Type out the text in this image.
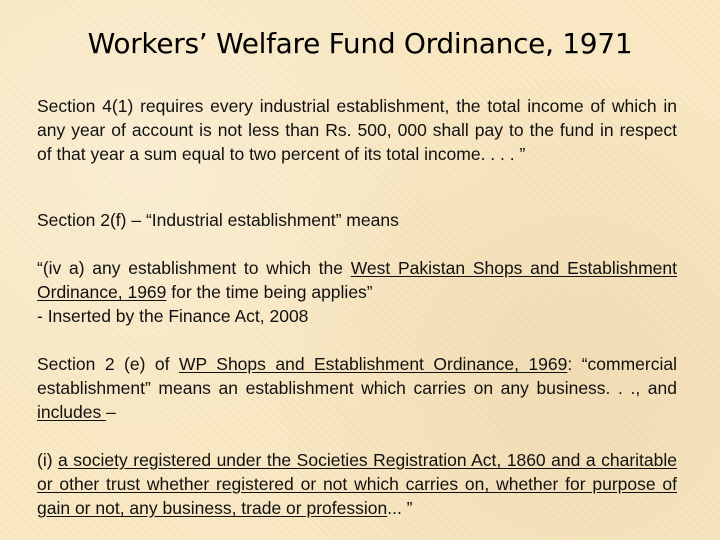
Workers’ Welfare Fund Ordinance, 1971

Section 4(1) requires every industrial establishment, the total income of which in any year of account is not less than Rs. 500, 000 shall pay to the fund in respect of that year a sum equal to two percent of its total income. . . . ”

Section 2(f) – “Industrial establishment” means

“(iv a) any establishment to which the West Pakistan Shops and Establishment Ordinance, 1969 for the time being applies”
- Inserted by the Finance Act, 2008

Section 2 (e) of WP Shops and Establishment Ordinance, 1969: “commercial establishment” means an establishment which carries on any business. . ., and includes –

(i) a society registered under the Societies Registration Act, 1860 and a charitable or other trust whether registered or not which carries on, whether for purpose of gain or not, any business, trade or profession... ”
